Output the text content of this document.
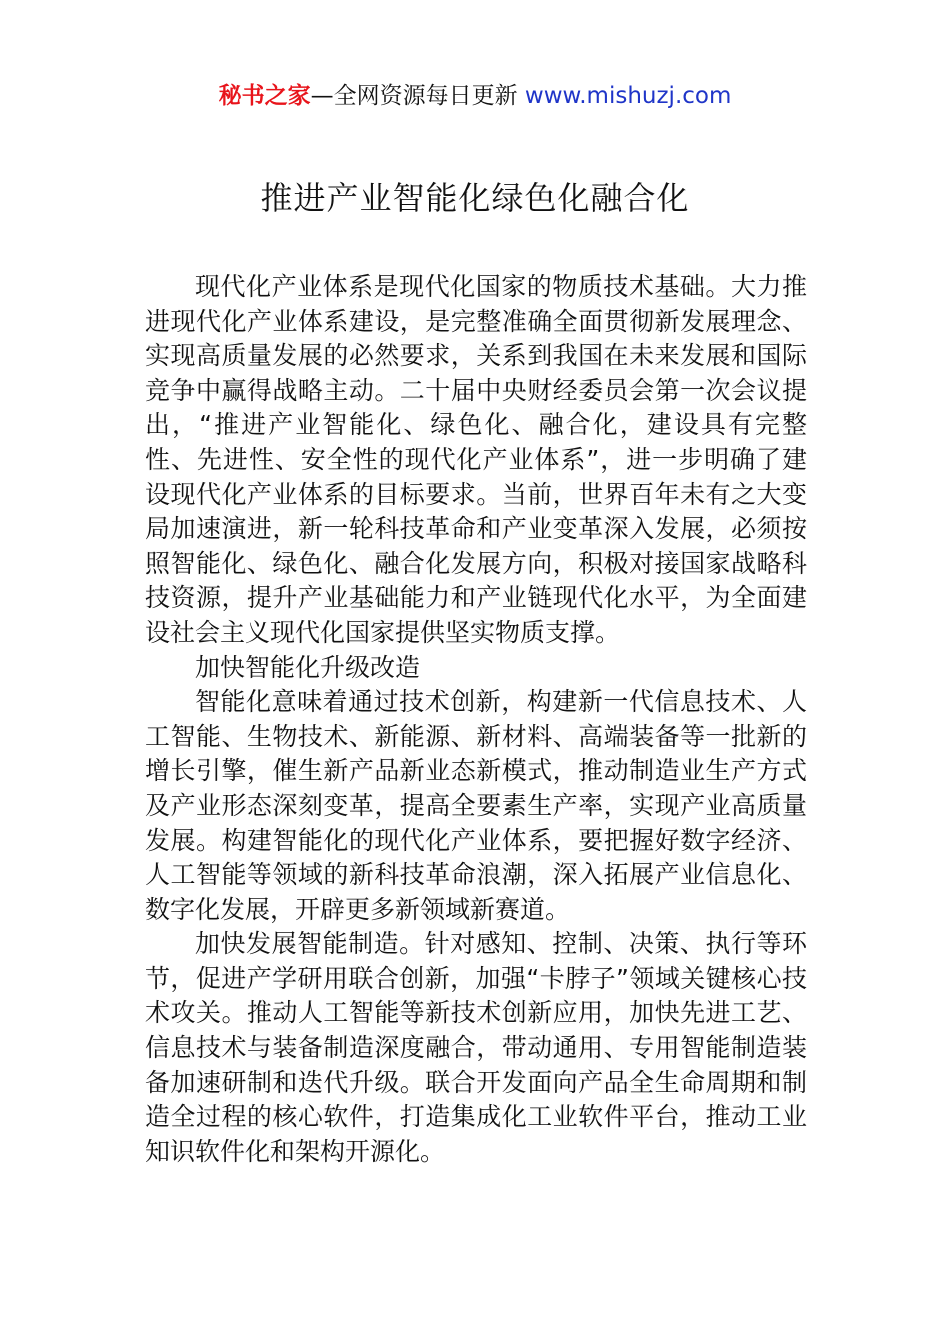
秘书之家—全网资源每日更新 www.mishuzj.com
推进产业智能化绿色化融合化

现代化产业体系是现代化国家的物质技术基础。大力推进现代化产业体系建设，是完整准确全面贯彻新发展理念、实现高质量发展的必然要求，关系到我国在未来发展和国际竞争中赢得战略主动。二十届中央财经委员会第一次会议提出，“推进产业智能化、绿色化、融合化，建设具有完整性、先进性、安全性的现代化产业体系”，进一步明确了建设现代化产业体系的目标要求。当前，世界百年未有之大变局加速演进，新一轮科技革命和产业变革深入发展，必须按照智能化、绿色化、融合化发展方向，积极对接国家战略科技资源，提升产业基础能力和产业链现代化水平，为全面建设社会主义现代化国家提供坚实物质支撑。

加快智能化升级改造

智能化意味着通过技术创新，构建新一代信息技术、人工智能、生物技术、新能源、新材料、高端装备等一批新的增长引擎，催生新产品新业态新模式，推动制造业生产方式及产业形态深刻变革，提高全要素生产率，实现产业高质量发展。构建智能化的现代化产业体系，要把握好数字经济、人工智能等领域的新科技革命浪潮，深入拓展产业信息化、数字化发展，开辟更多新领域新赛道。

加快发展智能制造。针对感知、控制、决策、执行等环节，促进产学研用联合创新，加强“卡脖子”领域关键核心技术攻关。推动人工智能等新技术创新应用，加快先进工艺、信息技术与装备制造深度融合，带动通用、专用智能制造装备加速研制和迭代升级。联合开发面向产品全生命周期和制造全过程的核心软件，打造集成化工业软件平台，推动工业知识软件化和架构开源化。
